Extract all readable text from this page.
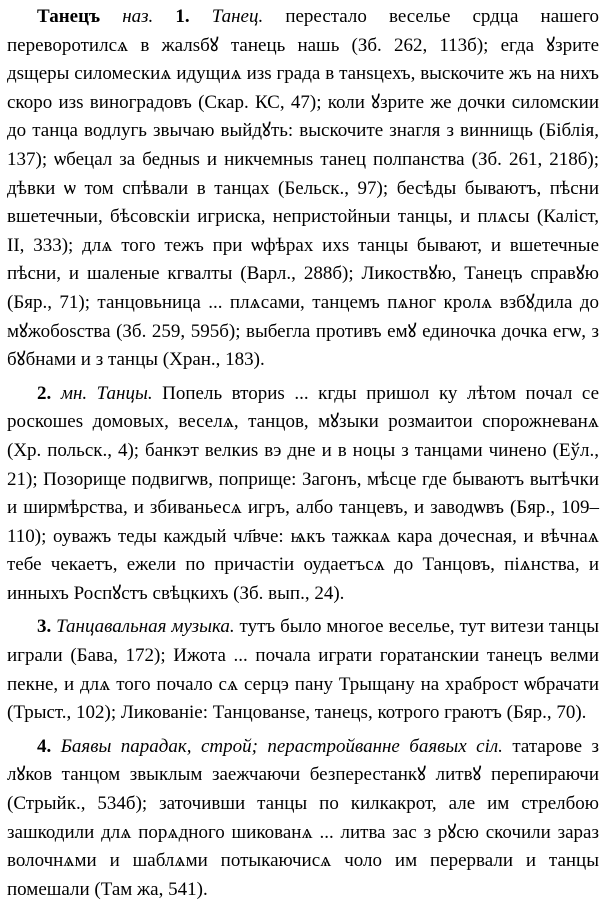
Танецъ наз. 1. Танец. перестало веселье срдца нашего переворотилсѧ в жалѕбꙋ танець нашь (Зб. 262, 113б); егда ꙋзрите дѕщеры силомескиѧ идущиѧ изѕ града в танѕцехъ, выскочите жъ на нихъ скоро изѕ виноградовъ (Скар. КС, 47); коли ꙋзрите же дочки силомскии до танца водлугь звычаю выйдꙋть: выскочите знагля з виннищь (Біблія, 137); ѡбецал за бедныѕ и никчемныѕ танец полпанства (Зб. 261, 218б); дѣвки ѡ том спѣвали в танцах (Бельск., 97); бесѣды бываютъ, пѣсни вшетечныи, бѣсовскіи игриска, непристойныи танцы, и плѧсы (Каліст, II, 333); длѧ того тежъ при ѡфѣрах ихѕ танцы бывают, и вшетечные пѣсни, и шаленые кгвалты (Варл., 288б); Ликоствꙋю, Танецъ справꙋю (Бяр., 71); танцовьница ... плѧсами, танцемъ пѧног кролѧ взбꙋдила до мꙋжобоѕства (Зб. 259, 595б); выбегла противъ емꙋ единочка дочка егѡ, з бꙋбнами и з танцы (Хран., 183).

2. мн. Танцы. Попель вториѕ ... кгды пришол ку лѣтом почал се роскошеѕ домовых, веселѧ, танцов, мꙋзыки розмаитои спорожневанѧ (Хр. польск., 4); банкэт велкиѕ вэ дне и в ноцы з танцами чинено (Еўл., 21); Позорище подвигѡв, поприще: Загонъ, мѣсце где бываютъ вытѣчки и ширмѣрства, и збиваньесѧ игръ, албо танцевъ, и заводѡвъ (Бяр., 109–110); оуважъ теды каждый чл҃вче: ѩкъ тажкаѧ кара дочесная, и вѣчнаѧ тебе чекаетъ, ежели по причастіи оудаетъсѧ до Танцовъ, піѧнства, и инныхъ Роспꙋстъ свѣцкихъ (Зб. вып., 24).

3. Танцавальная музыка. тутъ было многое веселье, тут витези танцы играли (Бава, 172); Ижота ... почала играти горатанскии танецъ велми пекне, и длѧ того почало сѧ серцэ пану Трыщану на храброст ѡбрачати (Трыст., 102); Ликованіе: Танцованѕе, танецѕ, котрого граютъ (Бяр., 70).

4. Баявы парадак, строй; перастройванне баявых сіл. татарове з лꙋков танцом звыклым заежчаючи безперестанкꙋ литвꙋ перепираючи (Стрыйк., 534б); заточивши танцы по килкакрот, але им стрелбою зашкодили длѧ порѧдного шикованѧ ... литва зас з рꙋсю скочили зараз волочнѧми и шаблѧми потыкаючисѧ чоло им перервали и танцы помешали (Там жа, 541).
